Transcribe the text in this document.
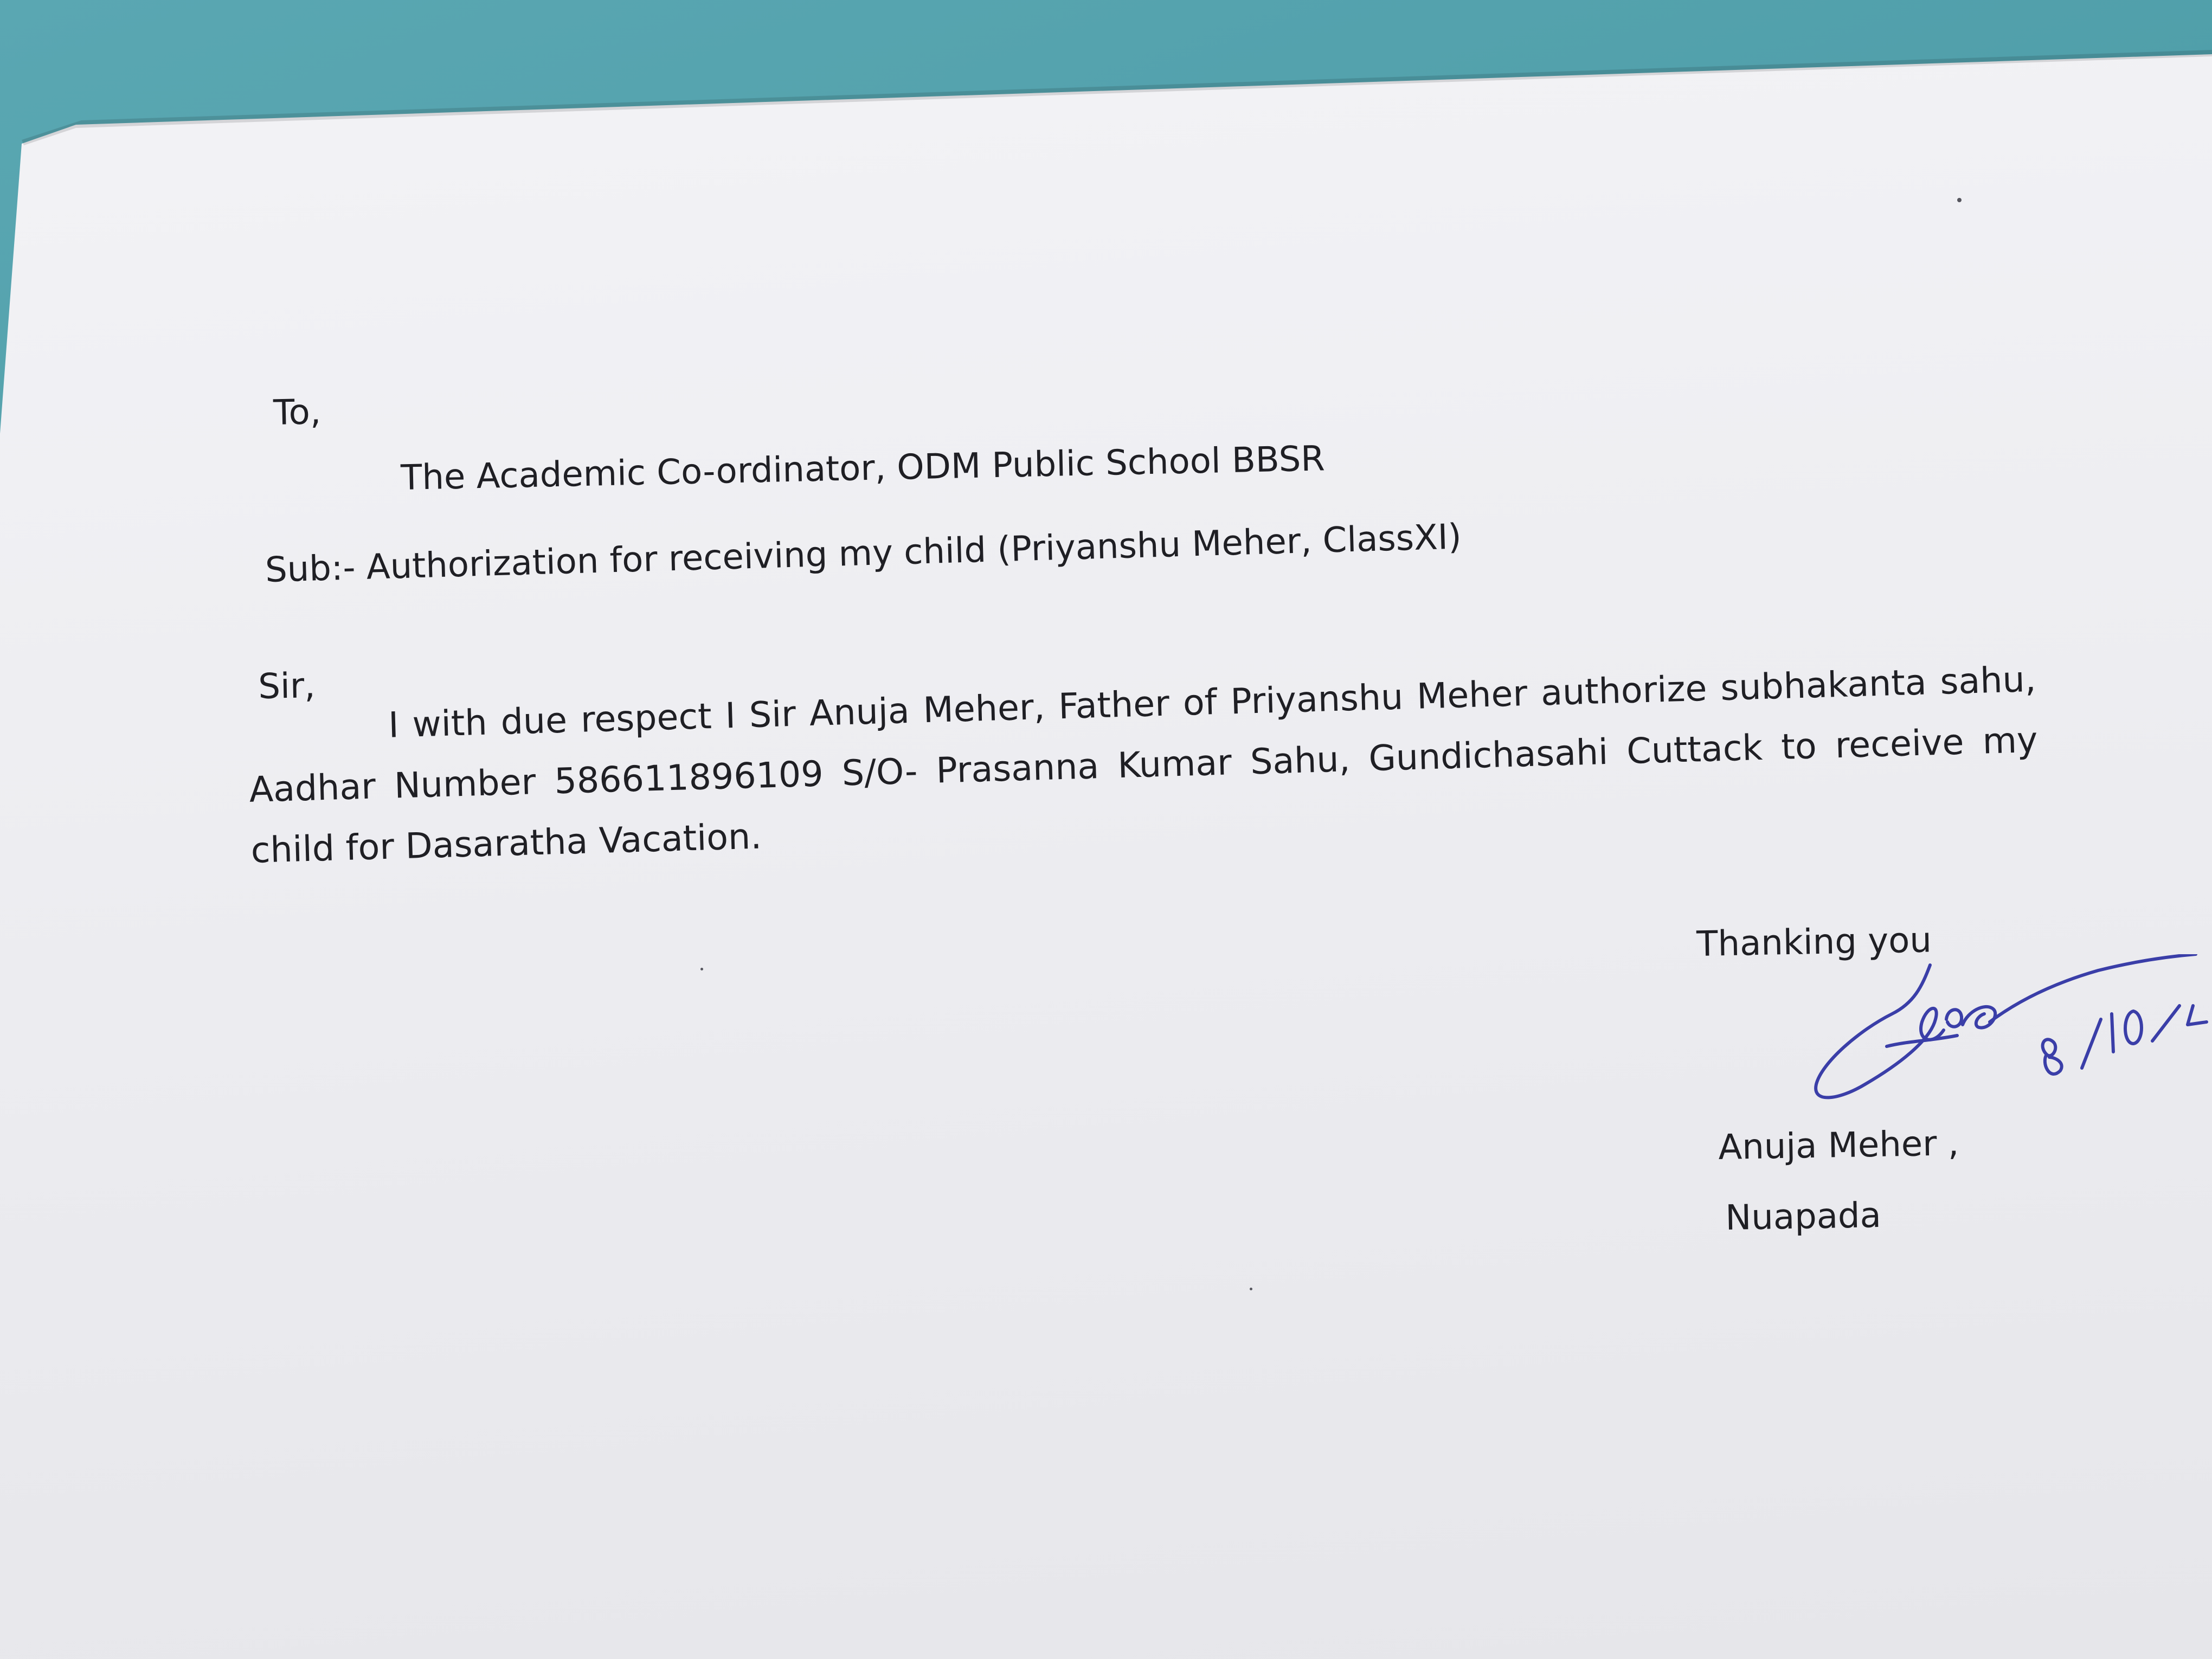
To,
The Academic Co-ordinator, ODM Public School BBSR
Sub:- Authorization for receiving my child (Priyanshu Meher, ClassXI)
Sir,	I with due respect I Sir Anuja Meher, Father of Priyanshu Meher authorize subhakanta sahu, Aadhar Number 586611896109 S/O- Prasanna Kumar Sahu, Gundichasahi Cuttack to receive my child for Dasaratha Vacation.
Thanking you
Anuja Meher ,
Nuapada
